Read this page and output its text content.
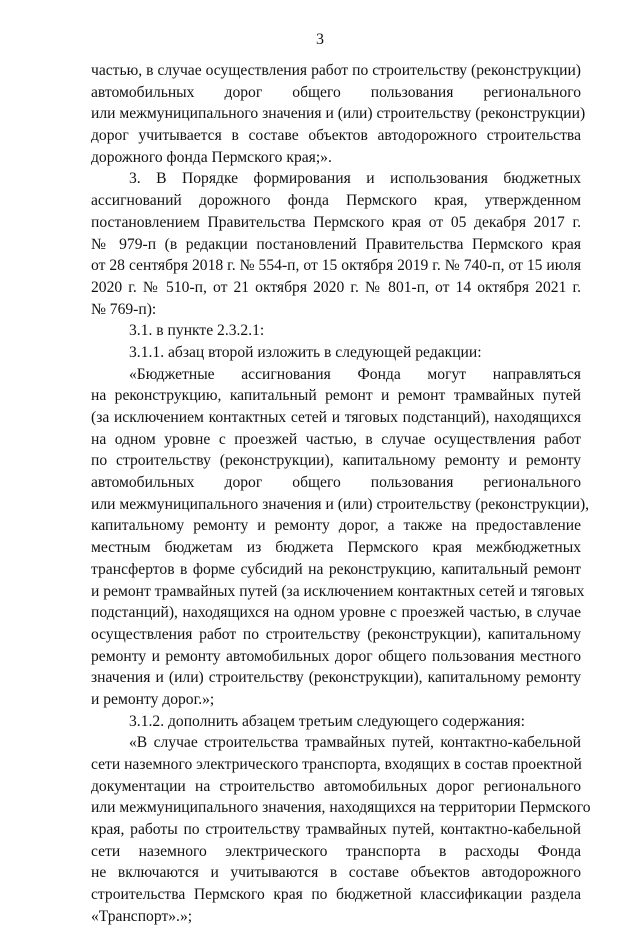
3
частью, в случае осуществления работ по строительству (реконструкции)
автомобильных дорог общего пользования регионального
или межмуниципального значения и (или) строительству (реконструкции)
дорог учитывается в составе объектов автодорожного строительства
дорожного фонда Пермского края;».
3. В Порядке формирования и использования бюджетных
ассигнований дорожного фонда Пермского края, утвержденном
постановлением Правительства Пермского края от 05 декабря 2017 г.
№ 979-п (в редакции постановлений Правительства Пермского края
от 28 сентября 2018 г. № 554-п, от 15 октября 2019 г. № 740-п, от 15 июля
2020 г. № 510-п, от 21 октября 2020 г. № 801-п, от 14 октября 2021 г.
№ 769-п):
3.1. в пункте 2.3.2.1:
3.1.1. абзац второй изложить в следующей редакции:
«Бюджетные ассигнования Фонда могут направляться
на реконструкцию, капитальный ремонт и ремонт трамвайных путей
(за исключением контактных сетей и тяговых подстанций), находящихся
на одном уровне с проезжей частью, в случае осуществления работ
по строительству (реконструкции), капитальному ремонту и ремонту
автомобильных дорог общего пользования регионального
или межмуниципального значения и (или) строительству (реконструкции),
капитальному ремонту и ремонту дорог, а также на предоставление
местным бюджетам из бюджета Пермского края межбюджетных
трансфертов в форме субсидий на реконструкцию, капитальный ремонт
и ремонт трамвайных путей (за исключением контактных сетей и тяговых
подстанций), находящихся на одном уровне с проезжей частью, в случае
осуществления работ по строительству (реконструкции), капитальному
ремонту и ремонту автомобильных дорог общего пользования местного
значения и (или) строительству (реконструкции), капитальному ремонту
и ремонту дорог.»;
3.1.2. дополнить абзацем третьим следующего содержания:
«В случае строительства трамвайных путей, контактно-кабельной
сети наземного электрического транспорта, входящих в состав проектной
документации на строительство автомобильных дорог регионального
или межмуниципального значения, находящихся на территории Пермского
края, работы по строительству трамвайных путей, контактно-кабельной
сети наземного электрического транспорта в расходы Фонда
не включаются и учитываются в составе объектов автодорожного
строительства Пермского края по бюджетной классификации раздела
«Транспорт».»;
